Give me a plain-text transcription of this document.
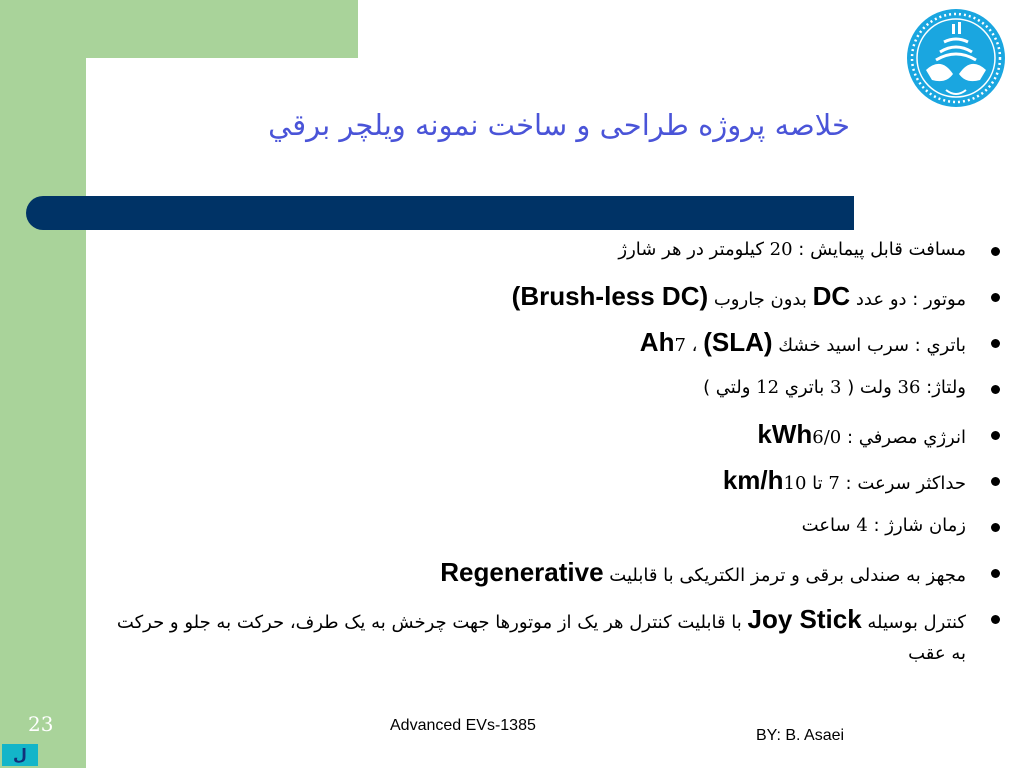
خلاصه پروژه طراحی و ساخت نمونه ويلچر برقي
مسافت قابل پيمايش : 20 کيلومتر در هر شارژ
موتور : دو عدد DC بدون جاروب (Brush-less DC)
باتري : سرب اسيد خشك (SLA) ، 7 Ah
ولتاژ: 36 ولت ( 3 باتري 12 ولتي )
انرژي مصرفي : 6/0 kWh
حداکثر سرعت : 7 تا 10 km/h
زمان شارژ : 4 ساعت
مجهز به صندلی برقی و ترمز الکتریکی با قابليت Regenerative
کنترل بوسيله Joy Stick با قابليت کنترل هر يک از موتورها جهت چرخش به يک طرف، حرکت به جلو و حرکت به عقب
23	Advanced EVs-1385
BY: B. Asaei
ل
